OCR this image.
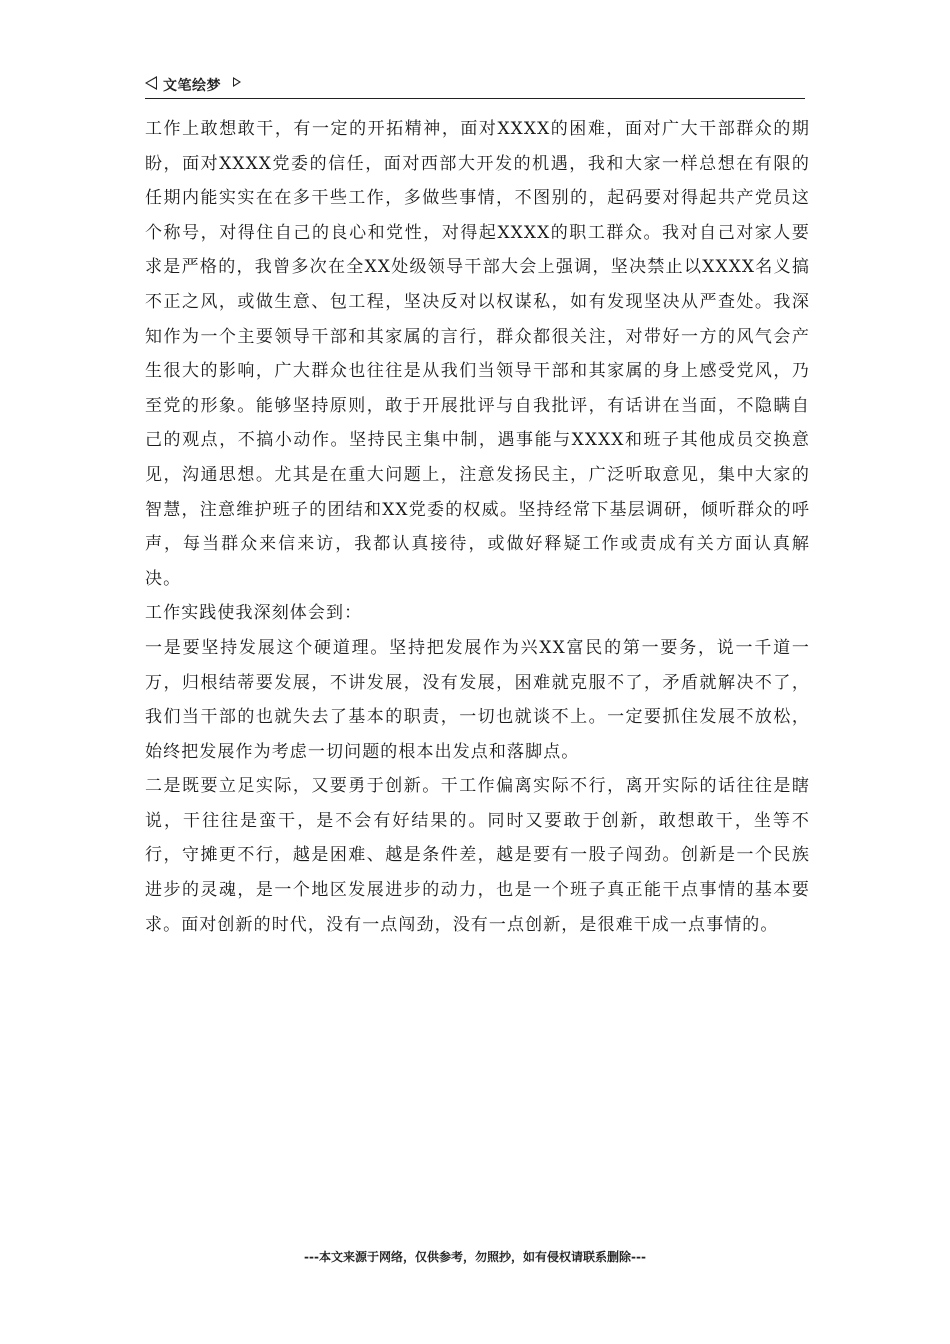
文笔绘梦

工作上敢想敢干，有一定的开拓精神，面对XXXX的困难，面对广大干部群众的期盼，面对XXXX党委的信任，面对西部大开发的机遇，我和大家一样总想在有限的任期内能实实在在多干些工作，多做些事情，不图别的，起码要对得起共产党员这个称号，对得住自己的良心和党性，对得起XXXX的职工群众。我对自己对家人要求是严格的，我曾多次在全XX处级领导干部大会上强调，坚决禁止以XXXX名义搞不正之风，或做生意、包工程，坚决反对以权谋私，如有发现坚决从严查处。我深知作为一个主要领导干部和其家属的言行，群众都很关注，对带好一方的风气会产生很大的影响，广大群众也往往是从我们当领导干部和其家属的身上感受党风，乃至党的形象。能够坚持原则，敢于开展批评与自我批评，有话讲在当面，不隐瞒自己的观点，不搞小动作。坚持民主集中制，遇事能与XXXX和班子其他成员交换意见，沟通思想。尤其是在重大问题上，注意发扬民主，广泛听取意见，集中大家的智慧，注意维护班子的团结和XX党委的权威。坚持经常下基层调研，倾听群众的呼声，每当群众来信来访，我都认真接待，或做好释疑工作或责成有关方面认真解决。

工作实践使我深刻体会到：

一是要坚持发展这个硬道理。坚持把发展作为兴XX富民的第一要务，说一千道一万，归根结蒂要发展，不讲发展，没有发展，困难就克服不了，矛盾就解决不了，我们当干部的也就失去了基本的职责，一切也就谈不上。一定要抓住发展不放松，始终把发展作为考虑一切问题的根本出发点和落脚点。

二是既要立足实际，又要勇于创新。干工作偏离实际不行，离开实际的话往往是瞎说，干往往是蛮干，是不会有好结果的。同时又要敢于创新，敢想敢干，坐等不行，守摊更不行，越是困难、越是条件差，越是要有一股子闯劲。创新是一个民族进步的灵魂，是一个地区发展进步的动力，也是一个班子真正能干点事情的基本要求。面对创新的时代，没有一点闯劲，没有一点创新，是很难干成一点事情的。

---本文来源于网络，仅供参考，勿照抄，如有侵权请联系删除---
